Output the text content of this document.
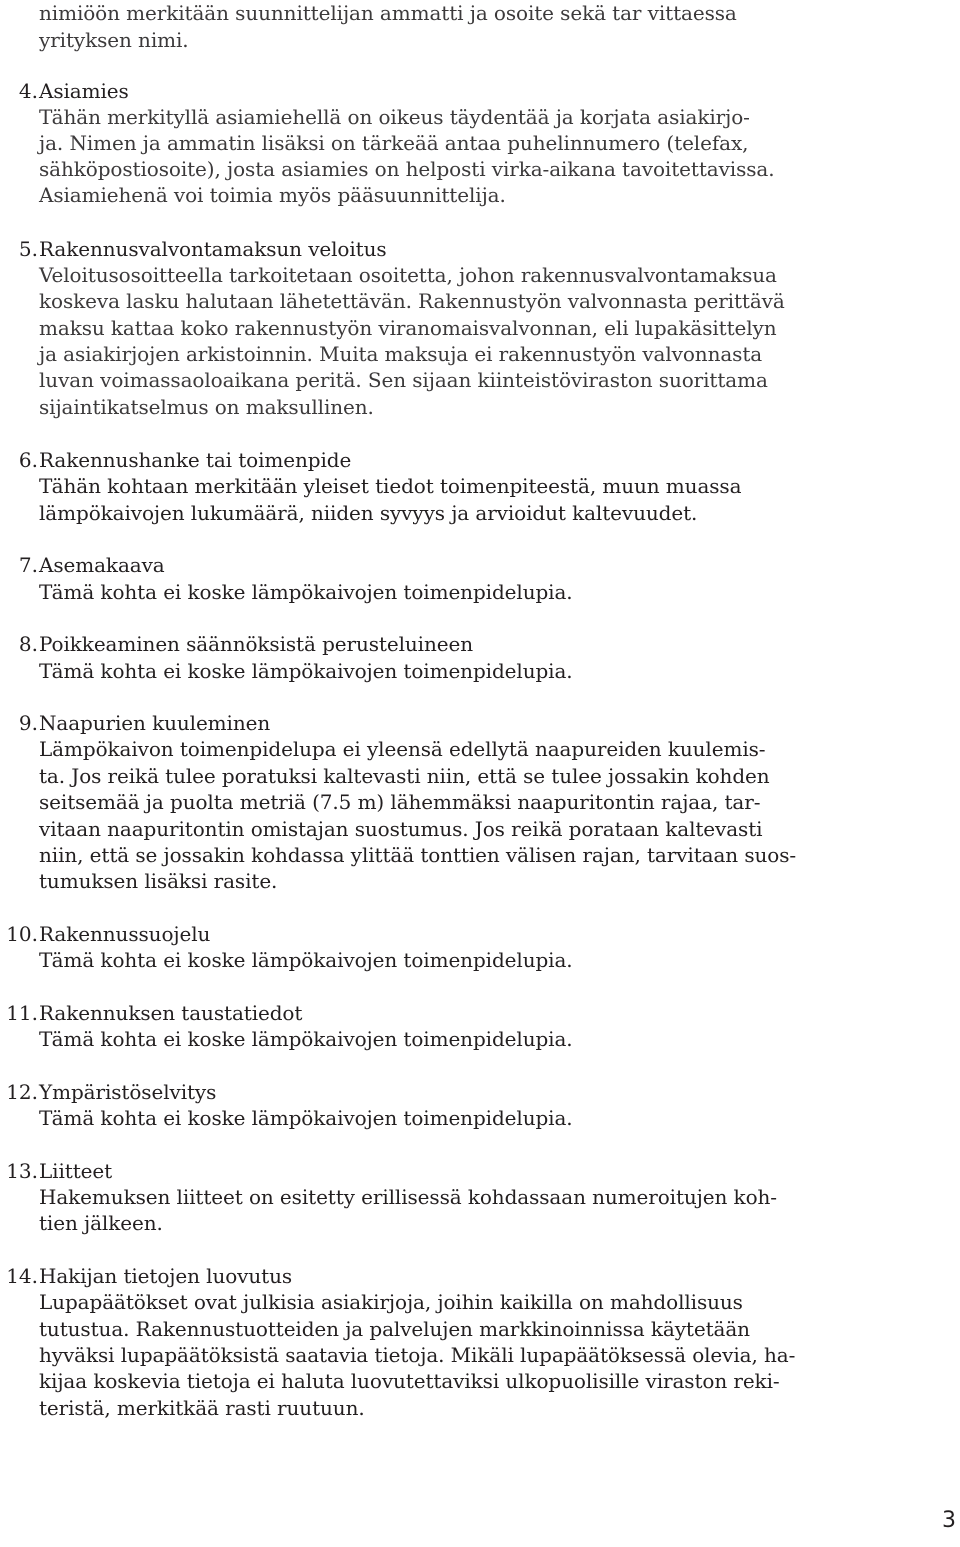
nimiöön merkitään suunnittelijan ammatti ja osoite sekä tar vittaessa
yrityksen nimi.
4. Asiamies
Tähän merkityllä asiamiehellä on oikeus täydentää ja korjata asiakirjo-
ja. Nimen ja ammatin lisäksi on tärkeää antaa puhelinnumero (telefax,
sähköpostiosoite), josta asiamies on helposti virka-aikana tavoitettavissa.
Asiamiehenä voi toimia myös pääsuunnittelija.
5. Rakennusvalvontamaksun veloitus
Veloitusosoitteella tarkoitetaan osoitetta, johon rakennusvalvontamaksua
koskeva lasku halutaan lähetettävän. Rakennustyön valvonnasta perittävä
maksu kattaa koko rakennustyön viranomaisvalvonnan, eli lupakäsittelyn
ja asiakirjojen arkistoinnin. Muita maksuja ei rakennustyön valvonnasta
luvan voimassaoloaikana peritä. Sen sijaan kiinteistöviraston suorittama
sijaintikatselmus on maksullinen.
6. Rakennushanke tai toimenpide
Tähän kohtaan merkitään yleiset tiedot toimenpiteestä, muun muassa
lämpökaivojen lukumäärä, niiden syvyys ja arvioidut kaltevuudet.
7. Asemakaava
Tämä kohta ei koske lämpökaivojen toimenpidelupia.
8. Poikkeaminen säännöksistä perusteluineen
Tämä kohta ei koske lämpökaivojen toimenpidelupia.
9. Naapurien kuuleminen
Lämpökaivon toimenpidelupa ei yleensä edellytä naapureiden kuulemis-
ta. Jos reikä tulee poratuksi kaltevasti niin, että se tulee jossakin kohden
seitsemää ja puolta metriä (7.5 m) lähemmäksi naapuritontin rajaa, tar-
vitaan naapuritontin omistajan suostumus. Jos reikä porataan kaltevasti
niin, että se jossakin kohdassa ylittää tonttien välisen rajan, tarvitaan suos-
tumuksen lisäksi rasite.
10. Rakennussuojelu
Tämä kohta ei koske lämpökaivojen toimenpidelupia.
11. Rakennuksen taustatiedot
Tämä kohta ei koske lämpökaivojen toimenpidelupia.
12. Ympäristöselvitys
Tämä kohta ei koske lämpökaivojen toimenpidelupia.
13. Liitteet
Hakemuksen liitteet on esitetty erillisessä kohdassaan numeroitujen koh-
tien jälkeen.
14. Hakijan tietojen luovutus
Lupapäätökset ovat julkisia asiakirjoja, joihin kaikilla on mahdollisuus
tutustua. Rakennustuotteiden ja palvelujen markkinoinnissa käytetään
hyväksi lupapäätöksistä saatavia tietoja. Mikäli lupapäätöksessä olevia, ha-
kijaa koskevia tietoja ei haluta luovutettaviksi ulkopuolisille viraston reki-
teristä, merkitkää rasti ruutuun.
3
